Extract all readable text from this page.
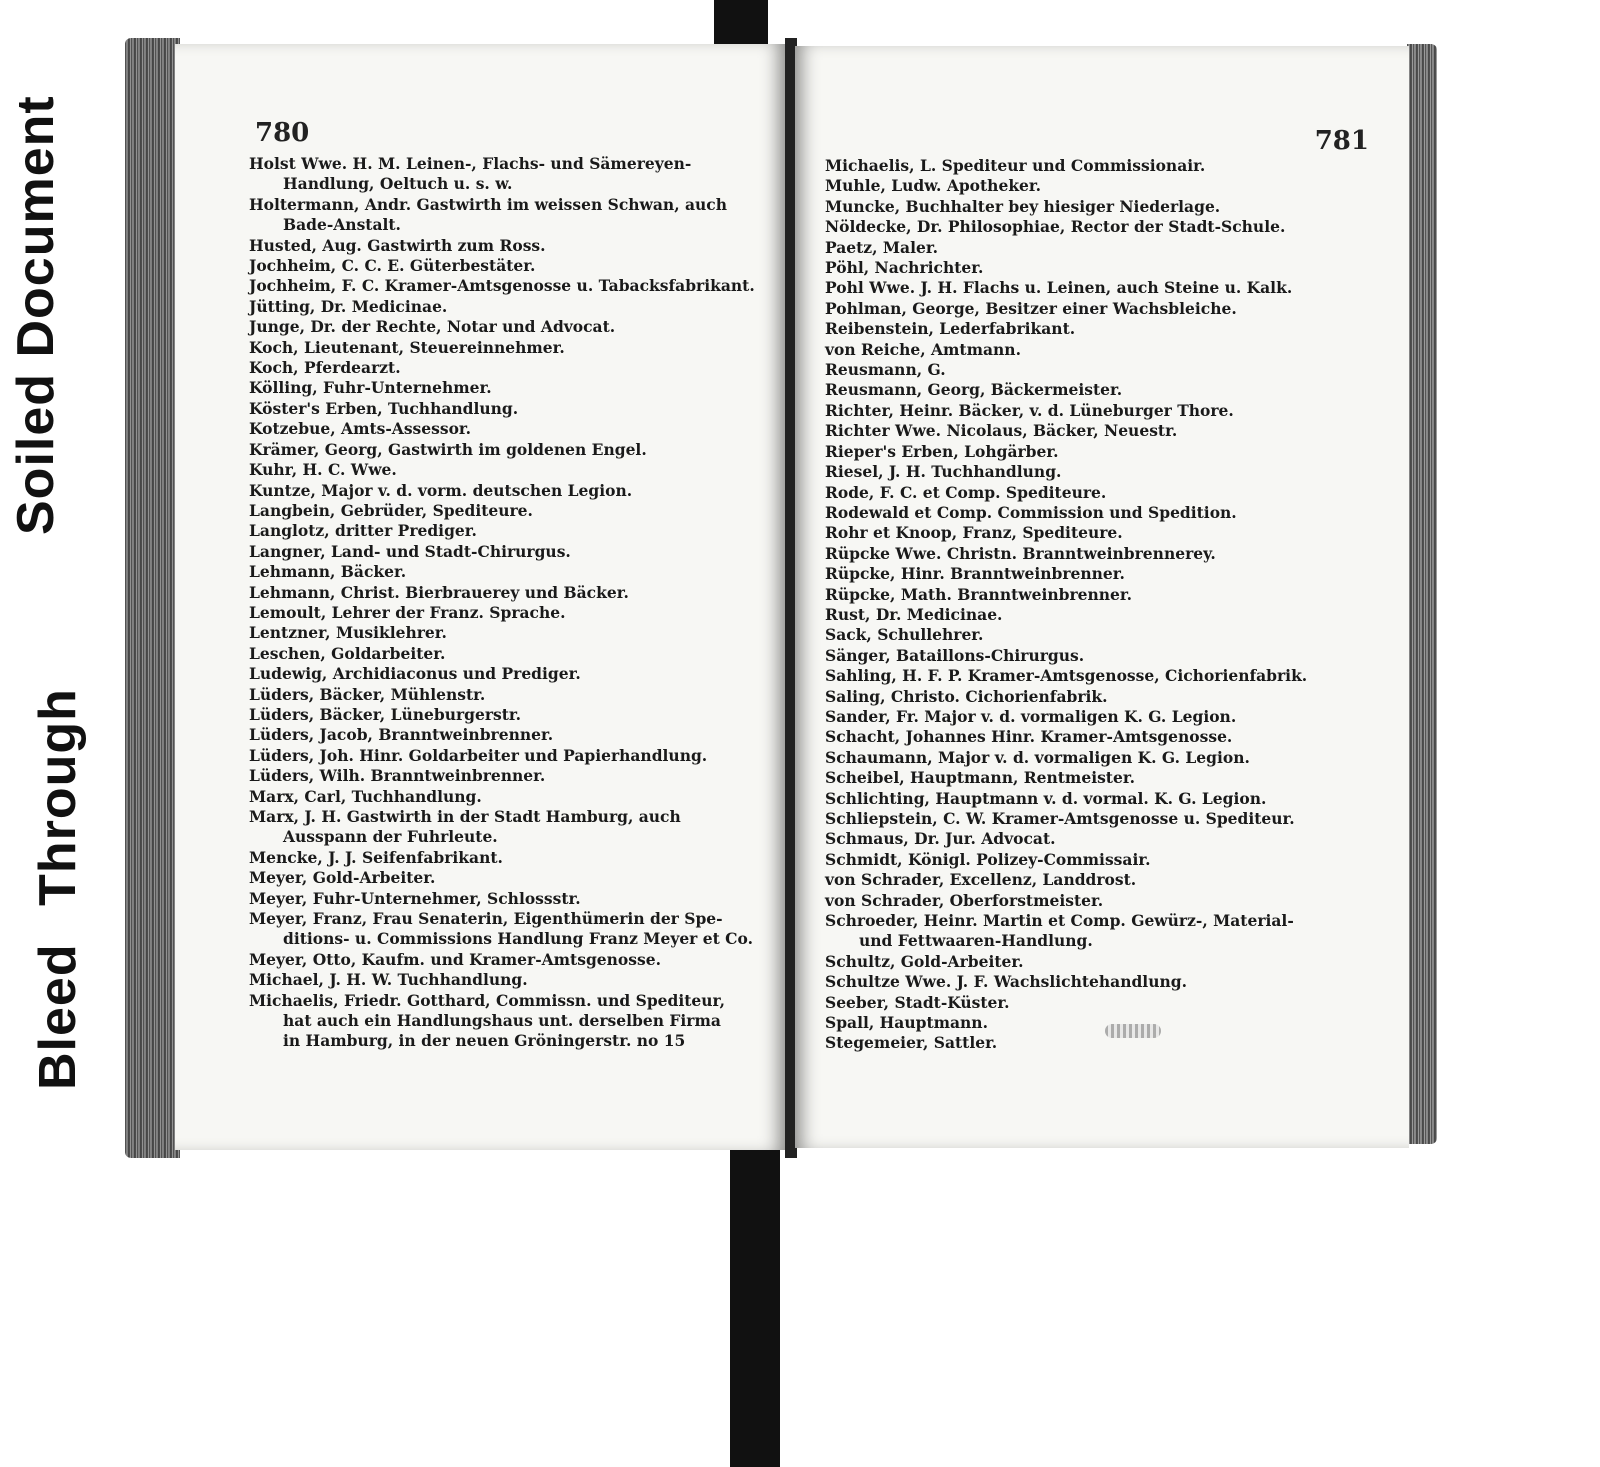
Soiled Document
Bleed Through
780
Holst Wwe. H. M. Leinen-, Flachs- und Sämereyen-
Handlung, Oeltuch u. s. w.
Holtermann, Andr. Gastwirth im weissen Schwan, auch
Bade-Anstalt.
Husted, Aug. Gastwirth zum Ross.
Jochheim, C. C. E. Güterbestäter.
Jochheim, F. C. Kramer-Amtsgenosse u. Tabacksfabrikant.
Jütting, Dr. Medicinae.
Junge, Dr. der Rechte, Notar und Advocat.
Koch, Lieutenant, Steuereinnehmer.
Koch, Pferdearzt.
Kölling, Fuhr-Unternehmer.
Köster's Erben, Tuchhandlung.
Kotzebue, Amts-Assessor.
Krämer, Georg, Gastwirth im goldenen Engel.
Kuhr, H. C. Wwe.
Kuntze, Major v. d. vorm. deutschen Legion.
Langbein, Gebrüder, Spediteure.
Langlotz, dritter Prediger.
Langner, Land- und Stadt-Chirurgus.
Lehmann, Bäcker.
Lehmann, Christ. Bierbrauerey und Bäcker.
Lemoult, Lehrer der Franz. Sprache.
Lentzner, Musiklehrer.
Leschen, Goldarbeiter.
Ludewig, Archidiaconus und Prediger.
Lüders, Bäcker, Mühlenstr.
Lüders, Bäcker, Lüneburgerstr.
Lüders, Jacob, Branntweinbrenner.
Lüders, Joh. Hinr. Goldarbeiter und Papierhandlung.
Lüders, Wilh. Branntweinbrenner.
Marx, Carl, Tuchhandlung.
Marx, J. H. Gastwirth in der Stadt Hamburg, auch
Ausspann der Fuhrleute.
Mencke, J. J. Seifenfabrikant.
Meyer, Gold-Arbeiter.
Meyer, Fuhr-Unternehmer, Schlossstr.
Meyer, Franz, Frau Senaterin, Eigenthümerin der Spe-
ditions- u. Commissions Handlung Franz Meyer et Co.
Meyer, Otto, Kaufm. und Kramer-Amtsgenosse.
Michael, J. H. W. Tuchhandlung.
Michaelis, Friedr. Gotthard, Commissn. und Spediteur,
hat auch ein Handlungshaus unt. derselben Firma
in Hamburg, in der neuen Gröningerstr. no 15
781
Michaelis, L. Spediteur und Commissionair.
Muhle, Ludw. Apotheker.
Muncke, Buchhalter bey hiesiger Niederlage.
Nöldecke, Dr. Philosophiae, Rector der Stadt-Schule.
Paetz, Maler.
Pöhl, Nachrichter.
Pohl Wwe. J. H. Flachs u. Leinen, auch Steine u. Kalk.
Pohlman, George, Besitzer einer Wachsbleiche.
Reibenstein, Lederfabrikant.
von Reiche, Amtmann.
Reusmann, G.
Reusmann, Georg, Bäckermeister.
Richter, Heinr. Bäcker, v. d. Lüneburger Thore.
Richter Wwe. Nicolaus, Bäcker, Neuestr.
Rieper's Erben, Lohgärber.
Riesel, J. H. Tuchhandlung.
Rode, F. C. et Comp. Spediteure.
Rodewald et Comp. Commission und Spedition.
Rohr et Knoop, Franz, Spediteure.
Rüpcke Wwe. Christn. Branntweinbrennerey.
Rüpcke, Hinr. Branntweinbrenner.
Rüpcke, Math. Branntweinbrenner.
Rust, Dr. Medicinae.
Sack, Schullehrer.
Sänger, Bataillons-Chirurgus.
Sahling, H. F. P. Kramer-Amtsgenosse, Cichorienfabrik.
Saling, Christo. Cichorienfabrik.
Sander, Fr. Major v. d. vormaligen K. G. Legion.
Schacht, Johannes Hinr. Kramer-Amtsgenosse.
Schaumann, Major v. d. vormaligen K. G. Legion.
Scheibel, Hauptmann, Rentmeister.
Schlichting, Hauptmann v. d. vormal. K. G. Legion.
Schliepstein, C. W. Kramer-Amtsgenosse u. Spediteur.
Schmaus, Dr. Jur. Advocat.
Schmidt, Königl. Polizey-Commissair.
von Schrader, Excellenz, Landdrost.
von Schrader, Oberforstmeister.
Schroeder, Heinr. Martin et Comp. Gewürz-, Material-
und Fettwaaren-Handlung.
Schultz, Gold-Arbeiter.
Schultze Wwe. J. F. Wachslichtehandlung.
Seeber, Stadt-Küster.
Spall, Hauptmann.
Stegemeier, Sattler.
